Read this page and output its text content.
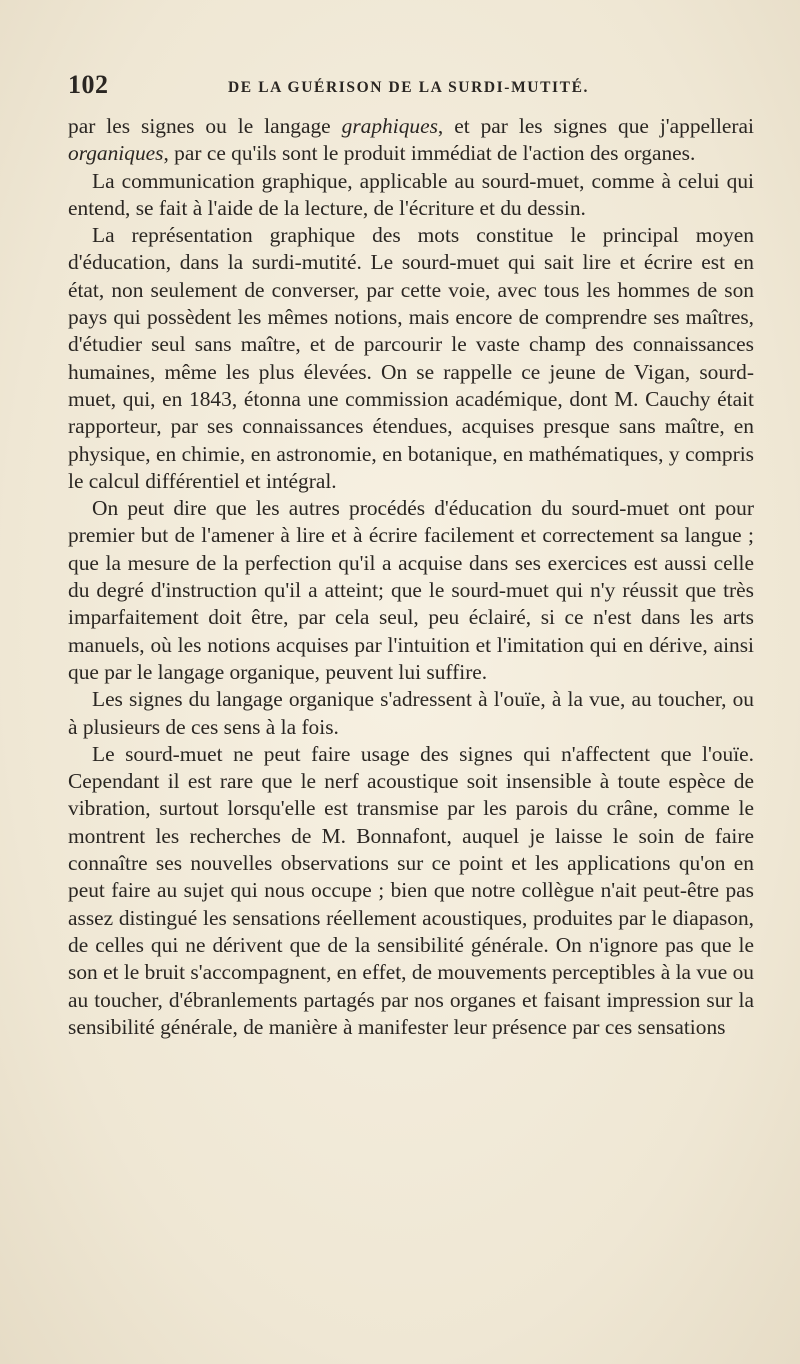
102	DE LA GUÉRISON DE LA SURDI-MUTITÉ.

par les signes ou le langage graphiques, et par les signes que j'appellerai organiques, par ce qu'ils sont le produit immédiat de l'action des organes.

La communication graphique, applicable au sourd-muet, comme à celui qui entend, se fait à l'aide de la lecture, de l'écriture et du dessin.

La représentation graphique des mots constitue le principal moyen d'éducation, dans la surdi-mutité. Le sourd-muet qui sait lire et écrire est en état, non seulement de converser, par cette voie, avec tous les hommes de son pays qui possèdent les mêmes notions, mais encore de comprendre ses maîtres, d'étudier seul sans maître, et de parcourir le vaste champ des connaissances humaines, même les plus élevées. On se rappelle ce jeune de Vigan, sourd-muet, qui, en 1843, étonna une commission académique, dont M. Cauchy était rapporteur, par ses connaissances étendues, acquises presque sans maître, en physique, en chimie, en astronomie, en botanique, en mathématiques, y compris le calcul différentiel et intégral.

On peut dire que les autres procédés d'éducation du sourd-muet ont pour premier but de l'amener à lire et à écrire facilement et correctement sa langue ; que la mesure de la perfection qu'il a acquise dans ses exercices est aussi celle du degré d'instruction qu'il a atteint; que le sourd-muet qui n'y réussit que très imparfaitement doit être, par cela seul, peu éclairé, si ce n'est dans les arts manuels, où les notions acquises par l'intuition et l'imitation qui en dérive, ainsi que par le langage organique, peuvent lui suffire.

Les signes du langage organique s'adressent à l'ouïe, à la vue, au toucher, ou à plusieurs de ces sens à la fois.

Le sourd-muet ne peut faire usage des signes qui n'affectent que l'ouïe. Cependant il est rare que le nerf acoustique soit insensible à toute espèce de vibration, surtout lorsqu'elle est transmise par les parois du crâne, comme le montrent les recherches de M. Bonnafont, auquel je laisse le soin de faire connaître ses nouvelles observations sur ce point et les applications qu'on en peut faire au sujet qui nous occupe ; bien que notre collègue n'ait peut-être pas assez distingué les sensations réellement acoustiques, produites par le diapason, de celles qui ne dérivent que de la sensibilité générale. On n'ignore pas que le son et le bruit s'accompagnent, en effet, de mouvements perceptibles à la vue ou au toucher, d'ébranlements partagés par nos organes et faisant impression sur la sensibilité générale, de manière à manifester leur présence par ces sensations
